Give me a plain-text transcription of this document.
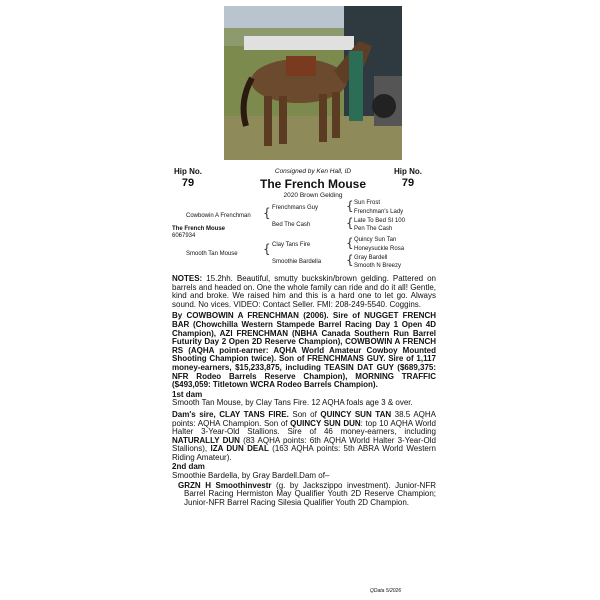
Hip No.
79
Hip No.
79
Consigned by Ken Hall, ID
The French Mouse
2020 Brown Gelding
Cowbowin A Frenchman
The French Mouse
6067934
Smooth Tan Mouse
{
{
Frenchmans Guy
Bed The Cash
Clay Tans Fire
Smoothie Bardella
{
{
{
{
Sun Frost
Frenchman's Lady
Late To Bed SI 100
Pen The Cash
Quincy Sun Tan
Honeysuckle Rosa
Gray Bardell
Smooth N Breezy

NOTES: 15.2hh. Beautiful, smutty buckskin/brown gelding. Pattered on barrels and headed on. One the whole family can ride and do it all! Gentle, kind and broke. We raised him and this is a hard one to let go. Always sound. No vices. VIDEO: Contact Seller. FMI: 208-249-5540. Coggins.

By COWBOWIN A FRENCHMAN (2006). Sire of NUGGET FRENCH BAR (Chowchilla Western Stampede Barrel Racing Day 1 Open 4D Champion), AZI FRENCHMAN (NBHA Canada Southern Run Barrel Futurity Day 2 Open 2D Reserve Champion), COWBOWIN A FRENCH RS (AQHA point-earner: AQHA World Amateur Cowboy Mounted Shooting Champion twice). Son of FRENCHMANS GUY. Sire of 1,117 money-earners, $15,233,875, including TEASIN DAT GUY ($689,375: NFR Rodeo Barrels Reserve Champion), MORNING TRAFFIC ($493,059: Titletown WCRA Rodeo Barrels Champion).

1st dam

Smooth Tan Mouse, by Clay Tans Fire. 12 AQHA foals age 3 & over.

Dam's sire, CLAY TANS FIRE. Son of QUINCY SUN TAN 38.5 AQHA points: AQHA Champion. Son of QUINCY SUN DUN: top 10 AQHA World Halter 3-Year-Old Stallions. Sire of 46 money-earners, including NATURALLY DUN (83 AQHA points: 6th AQHA World Halter 3-Year-Old Stallions), IZA DUN DEAL (163 AQHA points: 5th ABRA World Western Riding Amateur).

2nd dam

Smoothie Bardella, by Gray Bardell.Dam of–

GRZN H Smoothinvestr (g. by Jackszippo investment). Junior-NFR Barrel Racing Hermiston May Qualifier Youth 2D Reserve Champion; Junior-NFR Barrel Racing Silesia Qualifier Youth 2D Champion.

QData 5/2026
